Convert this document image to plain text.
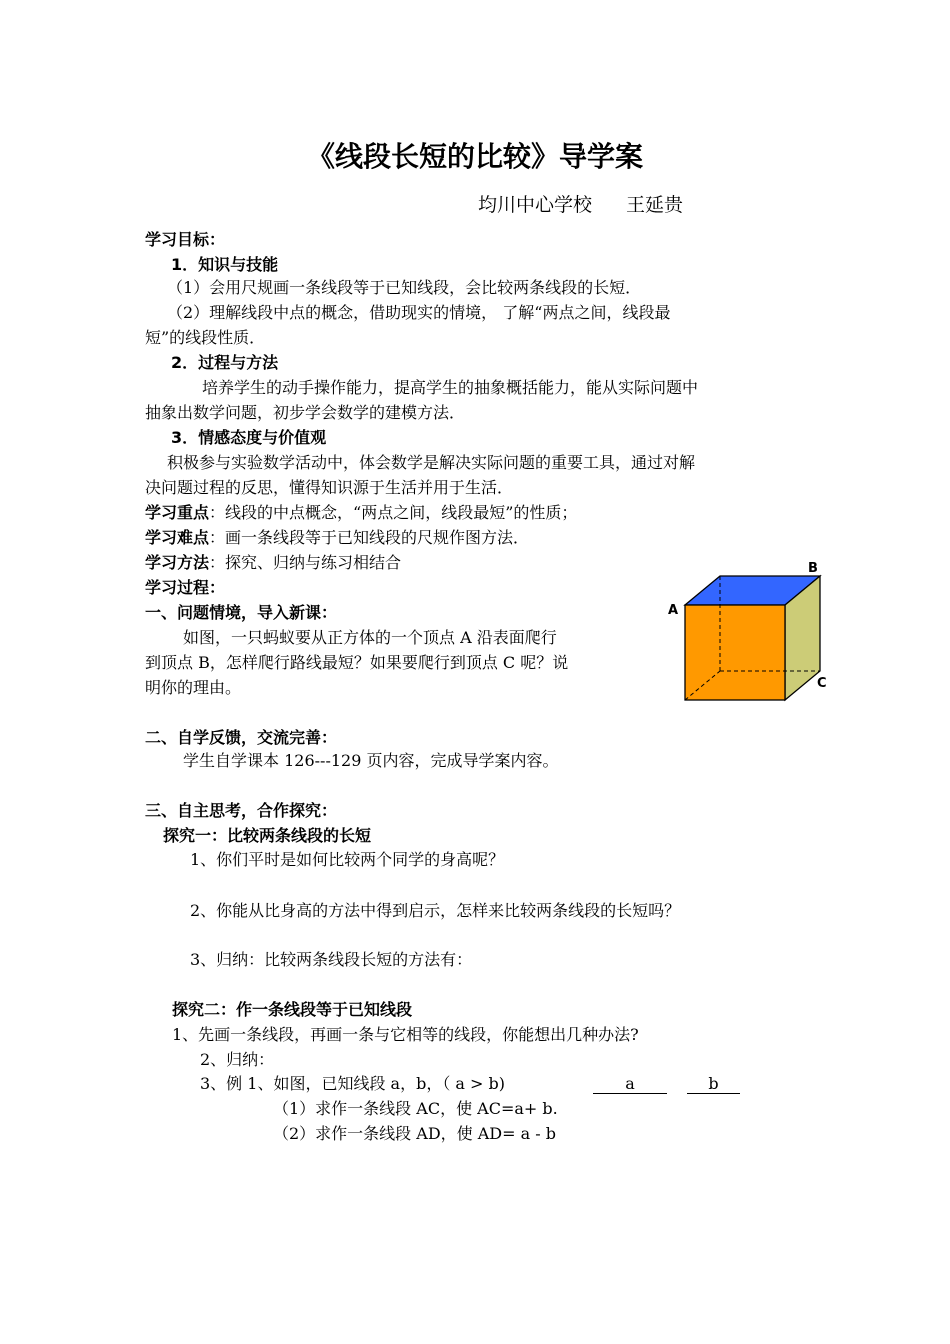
《线段长短的比较》导学案
均川中心学校 王延贵
学习目标：
1．知识与技能
（1）会用尺规画一条线段等于已知线段，会比较两条线段的长短．
（2）理解线段中点的概念，借助现实的情境， 了解“两点之间，线段最
短”的线段性质．
2．过程与方法
培养学生的动手操作能力，提高学生的抽象概括能力，能从实际问题中
抽象出数学问题，初步学会数学的建模方法．
3．情感态度与价值观
积极参与实验数学活动中，体会数学是解决实际问题的重要工具，通过对解
决问题过程的反思，懂得知识源于生活并用于生活．
学习重点：线段的中点概念，“两点之间，线段最短”的性质；
学习难点：画一条线段等于已知线段的尺规作图方法．
学习方法：探究、归纳与练习相结合
学习过程：
一、问题情境，导入新课：
如图，一只蚂蚁要从正方体的一个顶点 A 沿表面爬行
到顶点 B，怎样爬行路线最短？如果要爬行到顶点 C 呢？说
明你的理由。
A
B
C
二、自学反馈，交流完善：
学生自学课本 126---129 页内容，完成导学案内容。
三、自主思考，合作探究：
探究一：比较两条线段的长短
1、你们平时是如何比较两个同学的身高呢？
2、你能从比身高的方法中得到启示，怎样来比较两条线段的长短吗？
3、归纳：比较两条线段长短的方法有：
探究二：作一条线段等于已知线段
1、先画一条线段，再画一条与它相等的线段，你能想出几种办法?
2、归纳：
3、例 1、如图，已知线段 a，b，（ a > b)	a	b
（1）求作一条线段 AC，使 AC=a+ b.
（2）求作一条线段 AD，使 AD= a - b
